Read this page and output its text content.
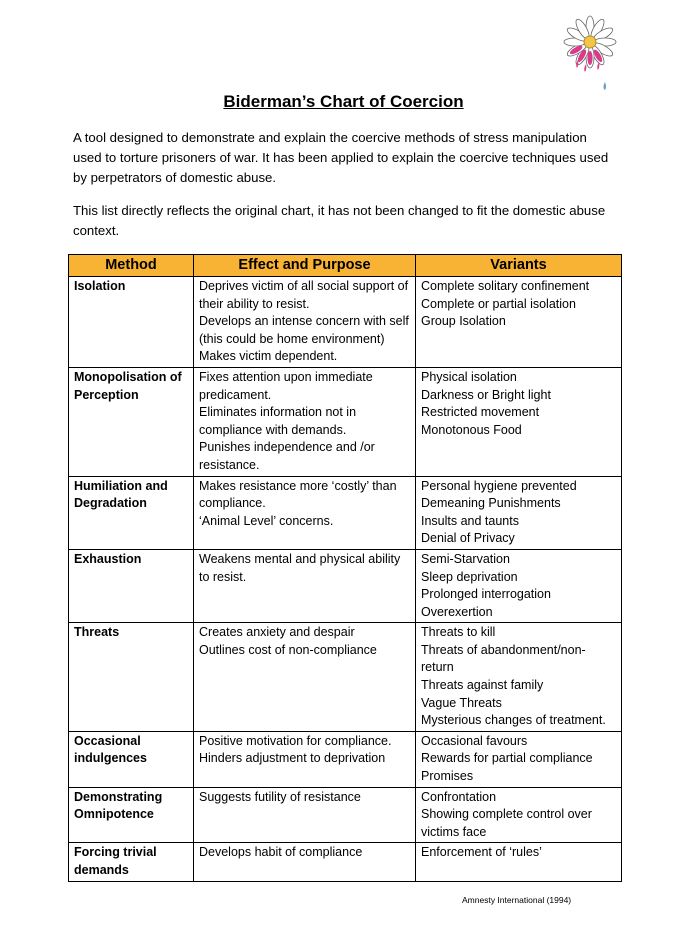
Biderman’s Chart of Coercion

A tool designed to demonstrate and explain the coercive methods of stress manipulation used to torture prisoners of war. It has been applied to explain the coercive techniques used by perpetrators of domestic abuse.

This list directly reflects the original chart, it has not been changed to fit the domestic abuse context.

Method	Effect and Purpose	Variants
Isolation	Deprives victim of all social support of their ability to resist.
Develops an intense concern with self (this could be home environment)
Makes victim dependent.	Complete solitary confinement
Complete or partial isolation
Group Isolation

Monopolisation of Perception	Fixes attention upon immediate predicament.
Eliminates information not in compliance with demands.
Punishes independence and /or resistance.	Physical isolation
Darkness or Bright light
Restricted movement
Monotonous Food

Humiliation and Degradation	Makes resistance more ‘costly’ than compliance.
‘Animal Level’ concerns.	Personal hygiene prevented
Demeaning Punishments
Insults and taunts
Denial of Privacy

Exhaustion	Weakens mental and physical ability to resist.	Semi-Starvation
Sleep deprivation
Prolonged interrogation
Overexertion

Threats	Creates anxiety and despair
Outlines cost of non-compliance	Threats to kill
Threats of abandonment/non-return
Threats against family
Vague Threats
Mysterious changes of treatment.

Occasional indulgences	Positive motivation for compliance.
Hinders adjustment to deprivation	Occasional favours
Rewards for partial compliance
Promises

Demonstrating Omnipotence	Suggests futility of resistance	Confrontation
Showing complete control over victims face

Forcing trivial demands	Develops habit of compliance	Enforcement of ‘rules’
Amnesty International (1994)
